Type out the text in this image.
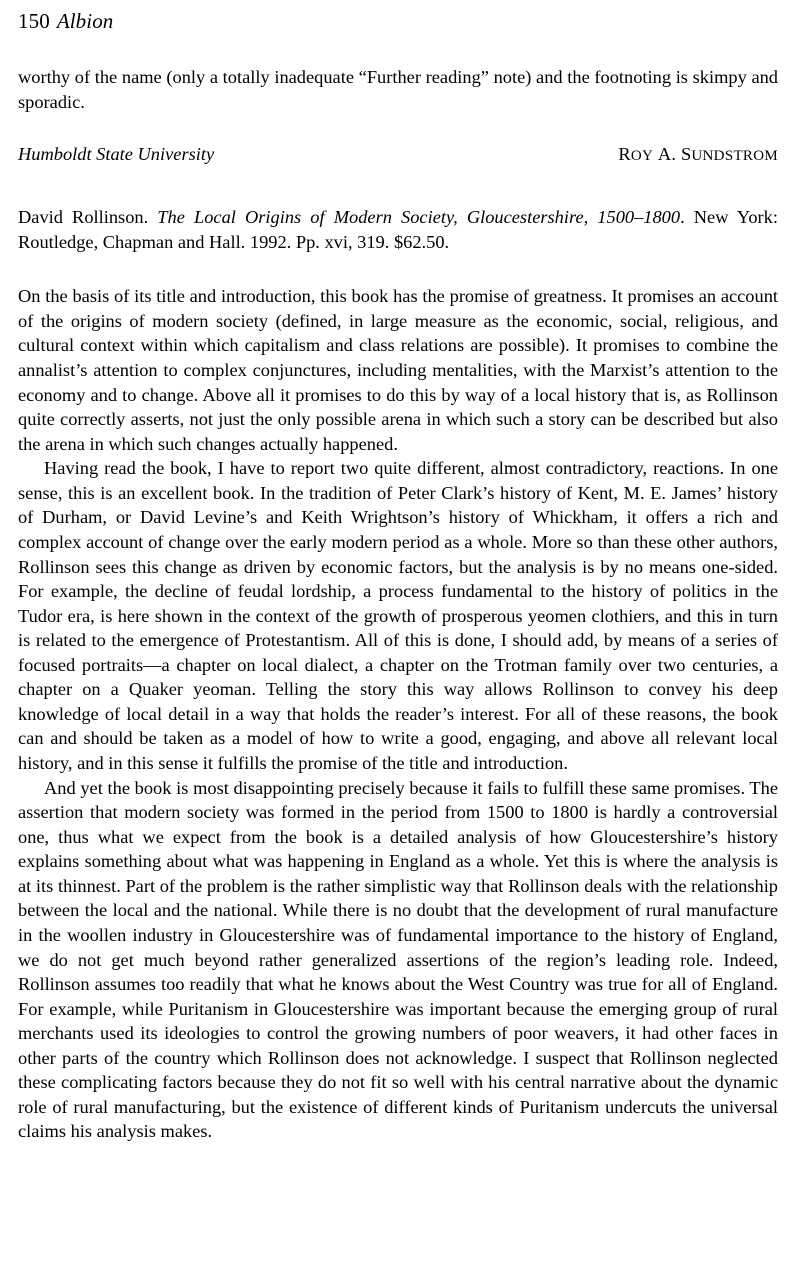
150 Albion

worthy of the name (only a totally inadequate “Further reading” note) and the footnoting is skimpy and sporadic.

Humboldt State University	ROY A. SUNDSTROM

David Rollinson. The Local Origins of Modern Society, Gloucestershire, 1500–1800. New York: Routledge, Chapman and Hall. 1992. Pp. xvi, 319. $62.50.

On the basis of its title and introduction, this book has the promise of greatness. It promises an account of the origins of modern society (defined, in large measure as the economic, social, religious, and cultural context within which capitalism and class relations are possible). It promises to combine the annalist’s attention to complex conjunctures, including mentalities, with the Marxist’s attention to the economy and to change. Above all it promises to do this by way of a local history that is, as Rollinson quite correctly asserts, not just the only possible arena in which such a story can be described but also the arena in which such changes actually happened.

Having read the book, I have to report two quite different, almost contradictory, reactions. In one sense, this is an excellent book. In the tradition of Peter Clark’s history of Kent, M. E. James’ history of Durham, or David Levine’s and Keith Wrightson’s history of Whickham, it offers a rich and complex account of change over the early modern period as a whole. More so than these other authors, Rollinson sees this change as driven by economic factors, but the analysis is by no means one-sided. For example, the decline of feudal lordship, a process fundamental to the history of politics in the Tudor era, is here shown in the context of the growth of prosperous yeomen clothiers, and this in turn is related to the emergence of Protestantism. All of this is done, I should add, by means of a series of focused portraits—a chapter on local dialect, a chapter on the Trotman family over two centuries, a chapter on a Quaker yeoman. Telling the story this way allows Rollinson to convey his deep knowledge of local detail in a way that holds the reader’s interest. For all of these reasons, the book can and should be taken as a model of how to write a good, engaging, and above all relevant local history, and in this sense it fulfills the promise of the title and introduction.

And yet the book is most disappointing precisely because it fails to fulfill these same promises. The assertion that modern society was formed in the period from 1500 to 1800 is hardly a controversial one, thus what we expect from the book is a detailed analysis of how Gloucestershire’s history explains something about what was happening in England as a whole. Yet this is where the analysis is at its thinnest. Part of the problem is the rather simplistic way that Rollinson deals with the relationship between the local and the national. While there is no doubt that the development of rural manufacture in the woollen industry in Gloucestershire was of fundamental importance to the history of England, we do not get much beyond rather generalized assertions of the region’s leading role. Indeed, Rollinson assumes too readily that what he knows about the West Country was true for all of England. For example, while Puritanism in Gloucestershire was important because the emerging group of rural merchants used its ideologies to control the growing numbers of poor weavers, it had other faces in other parts of the country which Rollinson does not acknowledge. I suspect that Rollinson neglected these complicating factors because they do not fit so well with his central narrative about the dynamic role of rural manufacturing, but the existence of different kinds of Puritanism undercuts the universal claims his analysis makes.
